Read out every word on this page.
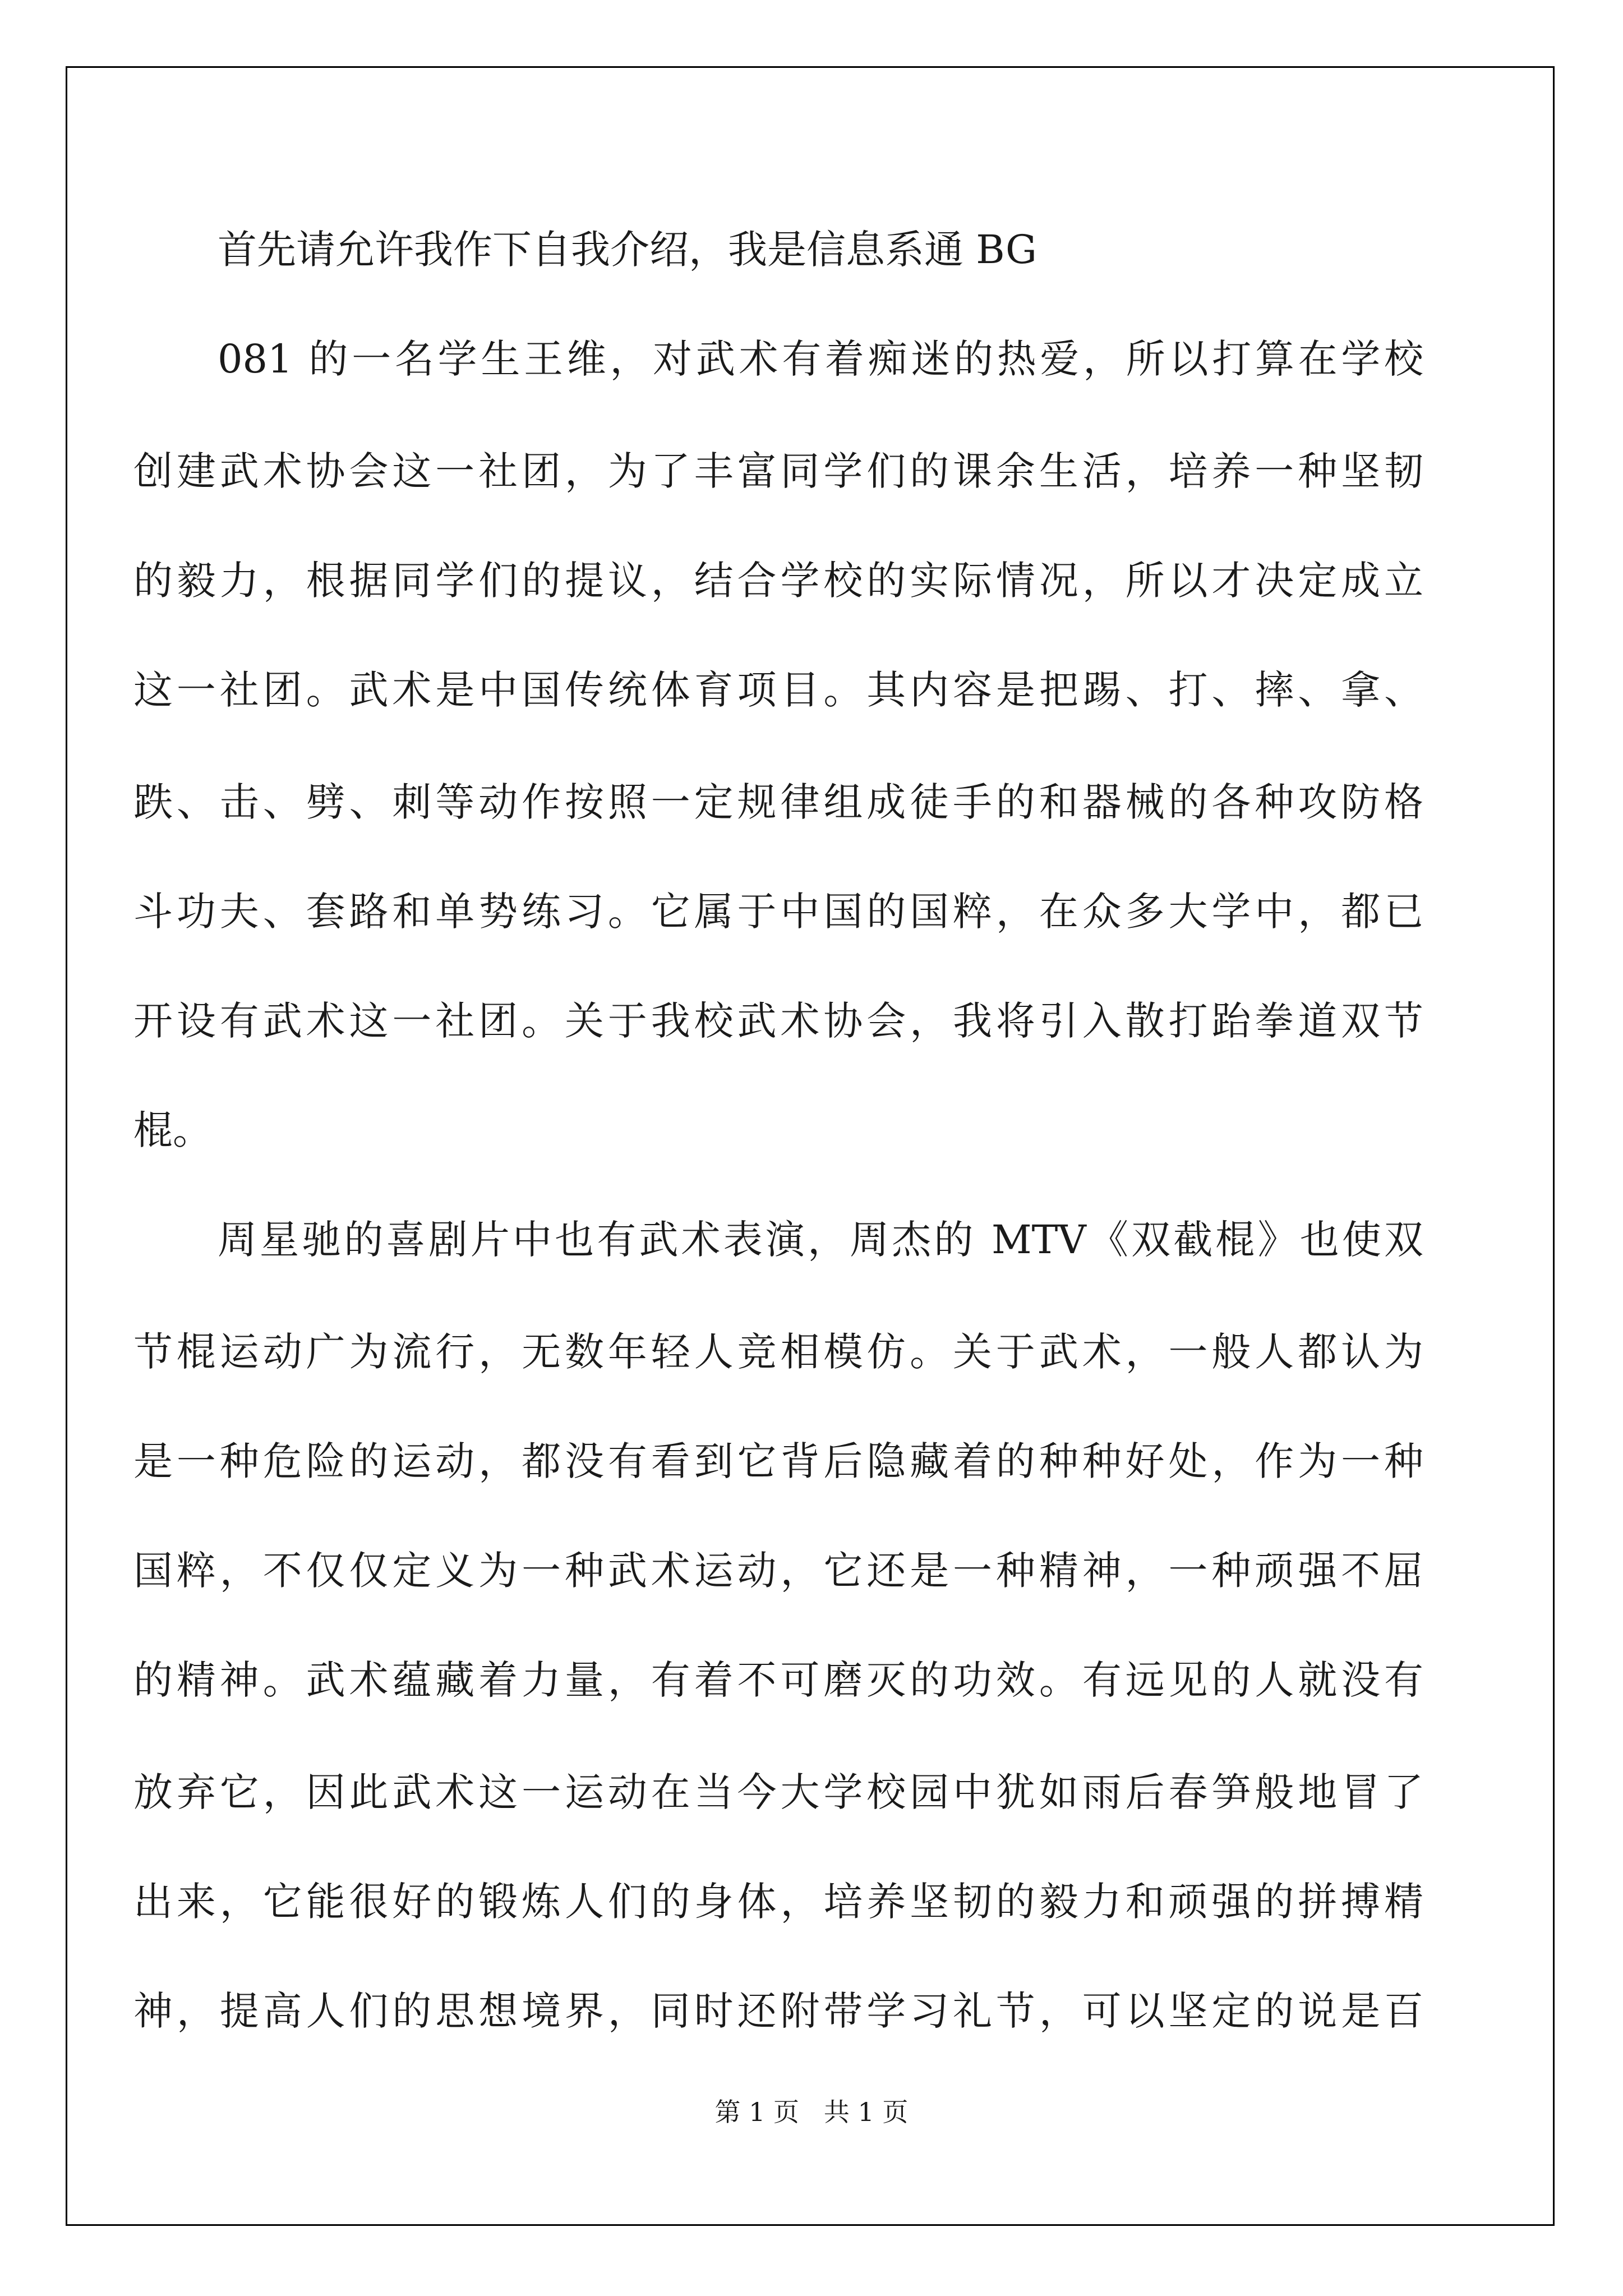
首先请允许我作下自我介绍，我是信息系通 BG
081 的一名学生王维，对武术有着痴迷的热爱，所以打算在学校
创建武术协会这一社团，为了丰富同学们的课余生活，培养一种坚韧
的毅力，根据同学们的提议，结合学校的实际情况，所以才决定成立
这一社团。武术是中国传统体育项目。其内容是把踢、打、摔、拿、
跌、击、劈、刺等动作按照一定规律组成徒手的和器械的各种攻防格
斗功夫、套路和单势练习。它属于中国的国粹，在众多大学中，都已
开设有武术这一社团。关于我校武术协会，我将引入散打跆拳道双节
棍。
周星驰的喜剧片中也有武术表演，周杰的 MTV《双截棍》也使双
节棍运动广为流行，无数年轻人竞相模仿。关于武术，一般人都认为
是一种危险的运动，都没有看到它背后隐藏着的种种好处，作为一种
国粹，不仅仅定义为一种武术运动，它还是一种精神，一种顽强不屈
的精神。武术蕴藏着力量，有着不可磨灭的功效。有远见的人就没有
放弃它，因此武术这一运动在当今大学校园中犹如雨后春笋般地冒了
出来，它能很好的锻炼人们的身体，培养坚韧的毅力和顽强的拼搏精
神，提高人们的思想境界，同时还附带学习礼节，可以坚定的说是百
第 1 页   共 1 页
